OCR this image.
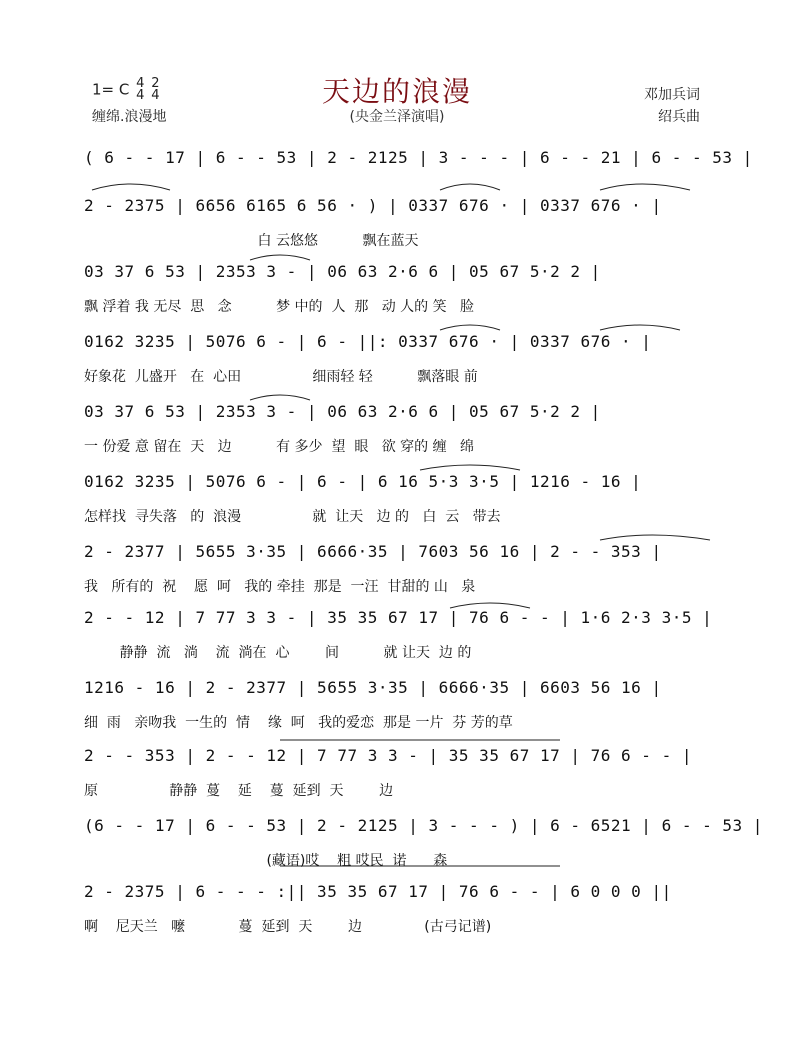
天边的浪漫
(央金兰泽演唱)
1= C 4
4 2
4
缠绵.浪漫地
邓加兵词
绍兵曲
( 6 - - 17 | 6 - - 53 | 2 - 2125 | 3 - - - | 6 - - 21 | 6 - - 53 |
2 - 2375 | 6656 6165 6 56 · ) | 0337 676 · | 0337 676 · |
白 云悠悠          飘在蓝天
03 37 6 53 | 2353 3 - | 06 63 2·6 6 | 05 67 5·2 2 |
飘 浮着 我 无尽  思   念          梦 中的  人  那   动 人的 笑   脸
0162 3235 | 5076 6 - | 6 - ||: 0337 676 · | 0337 676 · |
好象花  儿盛开   在  心田                细雨轻 轻          飘落眼 前
03 37 6 53 | 2353 3 - | 06 63 2·6 6 | 05 67 5·2 2 |
一 份爱 意 留在  天   边          有 多少  望  眼   欲 穿的 缠   绵
0162 3235 | 5076 6 - | 6 - | 6 16 5·3 3·5 | 1216 - 16 |
怎样找  寻失落   的  浪漫                就  让天   边 的   白  云   带去
2 - 2377 | 5655 3·35 | 6666·35 | 7603 56 16 | 2 - - 353 |
我   所有的  祝    愿  呵   我的 牵挂  那是  一汪  甘甜的 山   泉
2 - - 12 | 7 77 3 3 - | 35 35 67 17 | 76 6 - - | 1·6 2·3 3·5 |
静静  流   淌    流  淌在  心        间          就 让天  边 的
1216 - 16 | 2 - 2377 | 5655 3·35 | 6666·35 | 6603 56 16 |
细  雨   亲吻我  一生的  情    缘  呵   我的爱恋  那是 一片  芬 芳的草
2 - - 353 | 2 - - 12 | 7 77 3 3 - | 35 35 67 17 | 76 6 - - |
原                静静  蔓    延    蔓  延到  天        边
(6 - - 17 | 6 - - 53 | 2 - 2125 | 3 - - - ) | 6 - 6521 | 6 - - 53 |
(藏语)哎    粗 哎民  诺      森
2 - 2375 | 6 - - - :|| 35 35 67 17 | 76 6 - - | 6 0 0 0 ||
啊    尼天兰   嚒            蔓  延到  天        边              (古弓记谱)
